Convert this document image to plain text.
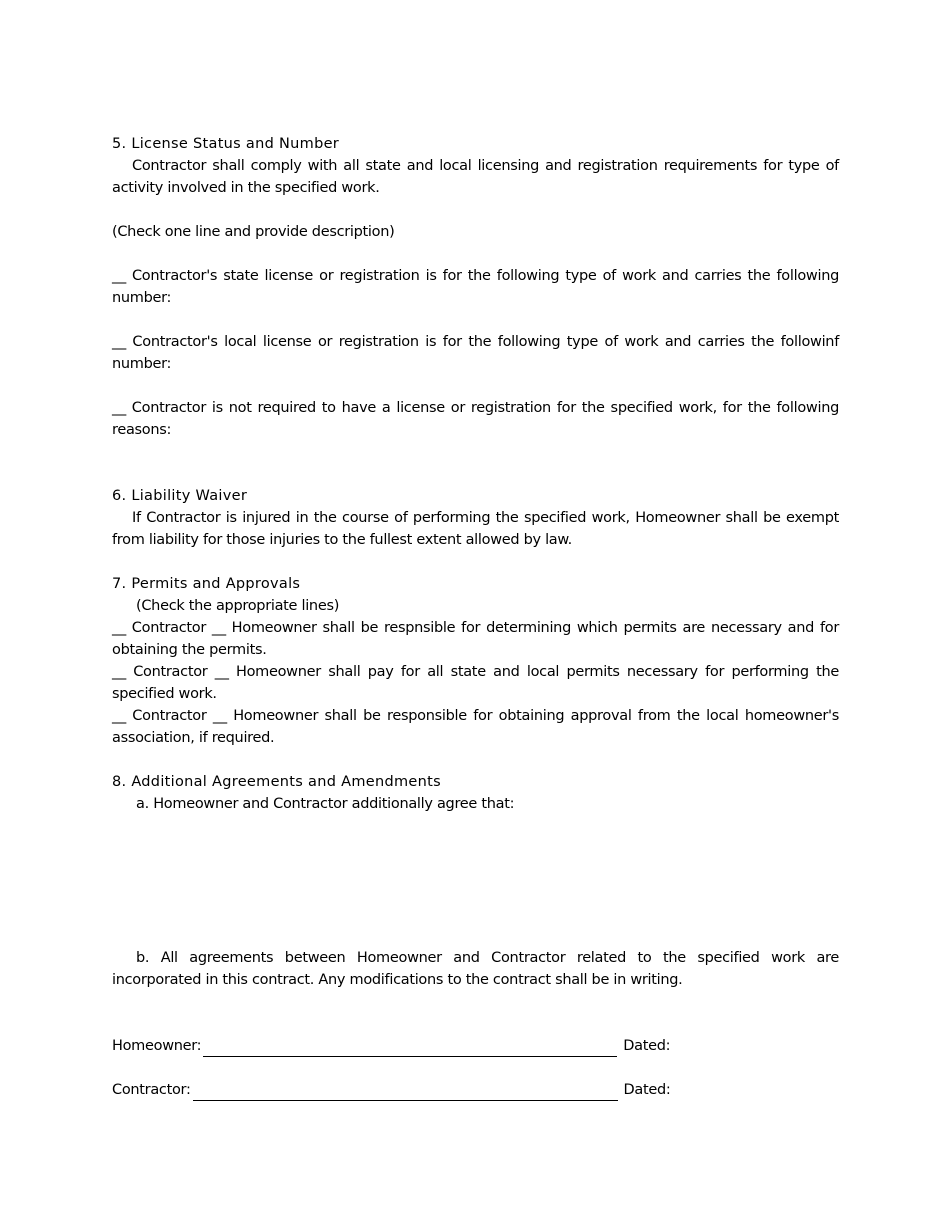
5. License Status and Number

Contractor shall comply with all state and local licensing and registration requirements for type of activity involved in the specified work.

(Check one line and provide description)

__ Contractor's state license or registration is for the following type of work and carries the following number:

__ Contractor's local license or registration is for the following type of work and carries the followinf number:

__ Contractor is not required to have a license or registration for the specified work, for the following reasons:

6. Liability Waiver

If Contractor is injured in the course of performing the specified work, Homeowner shall be exempt from liability for those injuries to the fullest extent allowed by law.

7. Permits and Approvals

(Check the appropriate lines)

__ Contractor __ Homeowner shall be respnsible for determining which permits are necessary and for obtaining the permits.

__ Contractor __ Homeowner shall pay for all state and local permits necessary for performing the specified work.

__ Contractor __ Homeowner shall be responsible for obtaining approval from the local homeowner's association, if required.

8. Additional Agreements and Amendments

a. Homeowner and Contractor additionally agree that:

b. All agreements between Homeowner and Contractor related to the specified work are incorporated in this contract. Any modifications to the contract shall be in writing.

Homeowner:	Dated:
Contractor:	Dated:
